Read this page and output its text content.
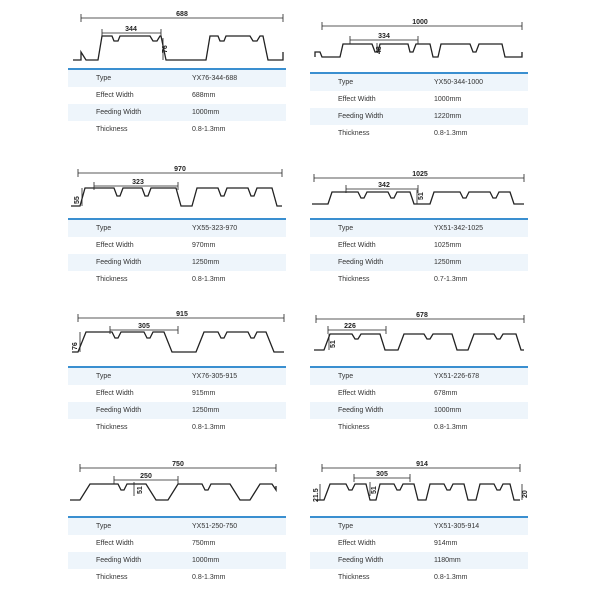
688
344
76
Type	YX76-344-688
Effect Width	688mm
Feeding Width	1000mm
Thickness	0.8-1.3mm
1000
334
48
Type	YX50-344-1000
Effect Width	1000mm
Feeding Width	1220mm
Thickness	0.8-1.3mm
970
323
55
Type	YX55-323-970
Effect Width	970mm
Feeding Width	1250mm
Thickness	0.8-1.3mm
1025
342
51
Type	YX51-342-1025
Effect Width	1025mm
Feeding Width	1250mm
Thickness	0.7-1.3mm
915
305
76
Type	YX76-305-915
Effect Width	915mm
Feeding Width	1250mm
Thickness	0.8-1.3mm
678
226
51
Type	YX51-226-678
Effect Width	678mm
Feeding Width	1000mm
Thickness	0.8-1.3mm
750
250
51
Type	YX51-250-750
Effect Width	750mm
Feeding Width	1000mm
Thickness	0.8-1.3mm
914
305
51
21.5	20
Type	YX51-305-914
Effect Width	914mm
Feeding Width	1180mm
Thickness	0.8-1.3mm
